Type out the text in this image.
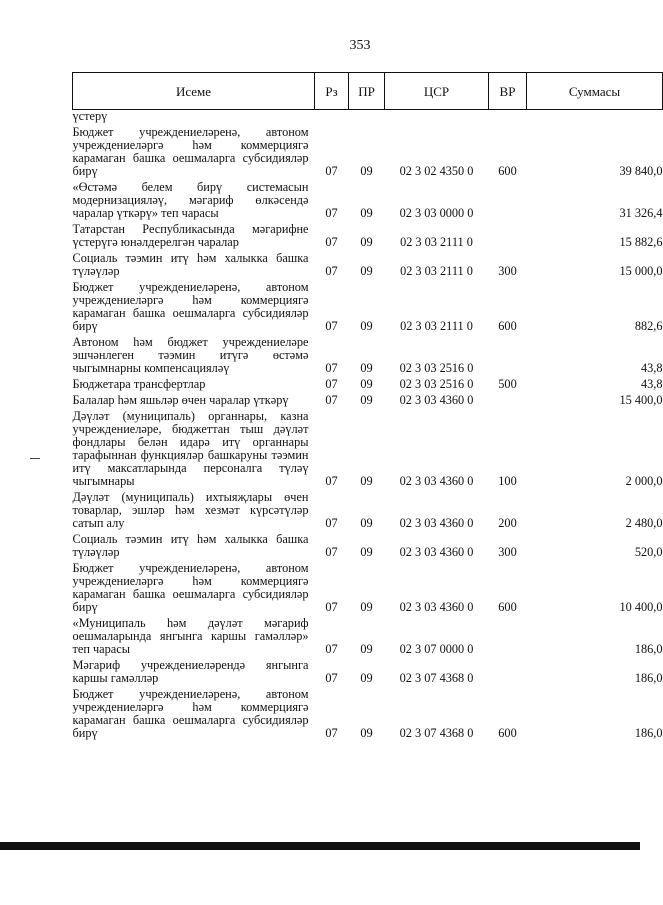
353
Исеме	Рз	ПР	ЦСР	ВР	Суммасы
үстерү					
Бюджет учреждениеләренә, автоном учреждениеләргә һәм коммерциягә карамаган башка оешмаларга субсидияләр бирү	07	09	02 3 02 4350 0	600	39 840,0
«Өстәмә белем бирү системасын модернизацияләү, мәгариф өлкәсендә чаралар үткәрү» теп чарасы	07	09	02 3 03 0000 0		31 326,4
Татарстан Республикасында мәгарифне үстерүгә юнәлдерелгән чаралар	07	09	02 3 03 2111 0		15 882,6
Социаль тәэмин итү һәм халыкка башка түләүләр	07	09	02 3 03 2111 0	300	15 000,0
Бюджет учреждениеләренә, автоном учреждениеләргә һәм коммерциягә карамаган башка оешмаларга субсидияләр бирү	07	09	02 3 03 2111 0	600	882,6
Автоном һәм бюджет учреждениеләре эшчәнлеген тәэмин итүгә өстәмә чыгымнарны компенсацияләү	07	09	02 3 03 2516 0		43,8
Бюджетара трансфертлар	07	09	02 3 03 2516 0	500	43,8
Балалар һәм яшьләр өчен чаралар үткәрү	07	09	02 3 03 4360 0		15 400,0
Дәүләт (муниципаль) органнары, казна учреждениеләре, бюджеттан тыш дәүләт фондлары белән идарә итү органнары тарафыннан функцияләр башкаруны тәэмин итү максатларында персоналга түләү чыгымнары	07	09	02 3 03 4360 0	100	2 000,0
Дәүләт (муниципаль) ихтыяҗлары өчен товарлар, эшләр һәм хезмәт күрсәтүләр сатып алу	07	09	02 3 03 4360 0	200	2 480,0
Социаль тәэмин итү һәм халыкка башка түләүләр	07	09	02 3 03 4360 0	300	520,0
Бюджет учреждениеләренә, автоном учреждениеләргә һәм коммерциягә карамаган башка оешмаларга субсидияләр бирү	07	09	02 3 03 4360 0	600	10 400,0
«Муниципаль һәм дәүләт мәгариф оешмаларында янгынга каршы гамәлләр» теп чарасы	07	09	02 3 07 0000 0		186,0
Мәгариф учреждениеләрендә янгынга каршы гамәлләр	07	09	02 3 07 4368 0		186,0
Бюджет учреждениеләренә, автоном учреждениеләргә һәм коммерциягә карамаган башка оешмаларга субсидияләр бирү	07	09	02 3 07 4368 0	600	186,0
